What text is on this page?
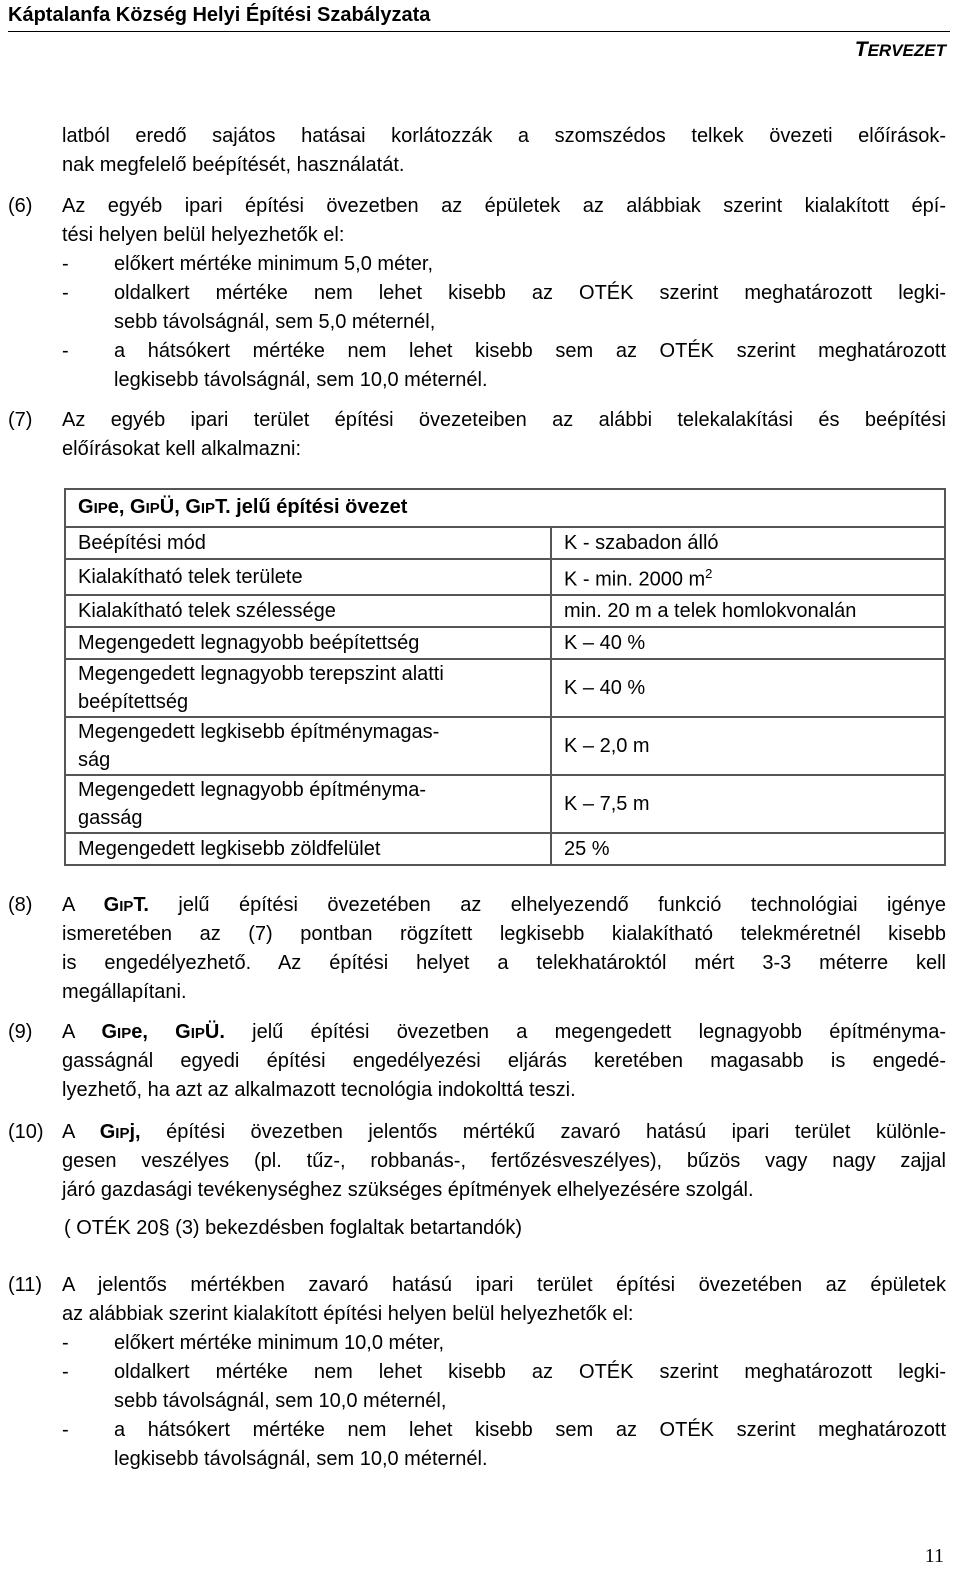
Káptalanfa Község Helyi Építési Szabályzata
TERVEZET
latból eredő sajátos hatásai korlátozzák a szomszédos telkek övezeti előírások-
nak megfelelő beépítését, használatát.
(6) Az egyéb ipari építési övezetben az épületek az alábbiak szerint kialakított épí-
tési helyen belül helyezhetők el:
- előkert mértéke minimum 5,0 méter,
- oldalkert mértéke nem lehet kisebb az OTÉK szerint meghatározott legki-
sebb távolságnál, sem 5,0 méternél,
- a hátsókert mértéke nem lehet kisebb sem az OTÉK szerint meghatározott
legkisebb távolságnál, sem 10,0 méternél.
(7) Az egyéb ipari terület építési övezeteiben az alábbi telekalakítási és beépítési
előírásokat kell alkalmazni:
GIPe, GIPÜ, GIPT. jelű építési övezet	
Beépítési mód	K - szabadon álló
Kialakítható telek területe	K - min. 2000 $m^2$
Kialakítható telek szélessége	min. 20 m a telek homlokvonalán
Megengedett legnagyobb beépítettség	K – 40 %

Megengedett legnagyobb terepszint alatti
beépítettség	K – 40 %

Megengedett legkisebb építménymagas-
ság	K – 2,0 m

Megengedett legnagyobb építményma-
gasság	K – 7,5 m
Megengedett legkisebb zöldfelület	25 %
(8) A GIPT. jelű építési övezetében az elhelyezendő funkció technológiai igénye
ismeretében az (7) pontban rögzített legkisebb kialakítható telekméretnél kisebb
is engedélyezhető. Az építési helyet a telekhatároktól mért 3-3 méterre kell
megállapítani.
(9) A GIPe, GIPÜ. jelű építési övezetben a megengedett legnagyobb építményma-
gasságnál egyedi építési engedélyezési eljárás keretében magasabb is engedé-
lyezhető, ha azt az alkalmazott tecnológia indokolttá teszi.
(10) A GIPj, építési övezetben jelentős mértékű zavaró hatású ipari terület különle-
gesen veszélyes (pl. tűz-, robbanás-, fertőzésveszélyes), bűzös vagy nagy zajjal
járó gazdasági tevékenységhez szükséges építmények elhelyezésére szolgál.
( OTÉK 20§ (3) bekezdésben foglaltak betartandók)
(11) A jelentős mértékben zavaró hatású ipari terület építési övezetében az épületek
az alábbiak szerint kialakított építési helyen belül helyezhetők el:
- előkert mértéke minimum 10,0 méter,
- oldalkert mértéke nem lehet kisebb az OTÉK szerint meghatározott legki-
sebb távolságnál, sem 10,0 méternél,
- a hátsókert mértéke nem lehet kisebb sem az OTÉK szerint meghatározott
legkisebb távolságnál, sem 10,0 méternél.
11
